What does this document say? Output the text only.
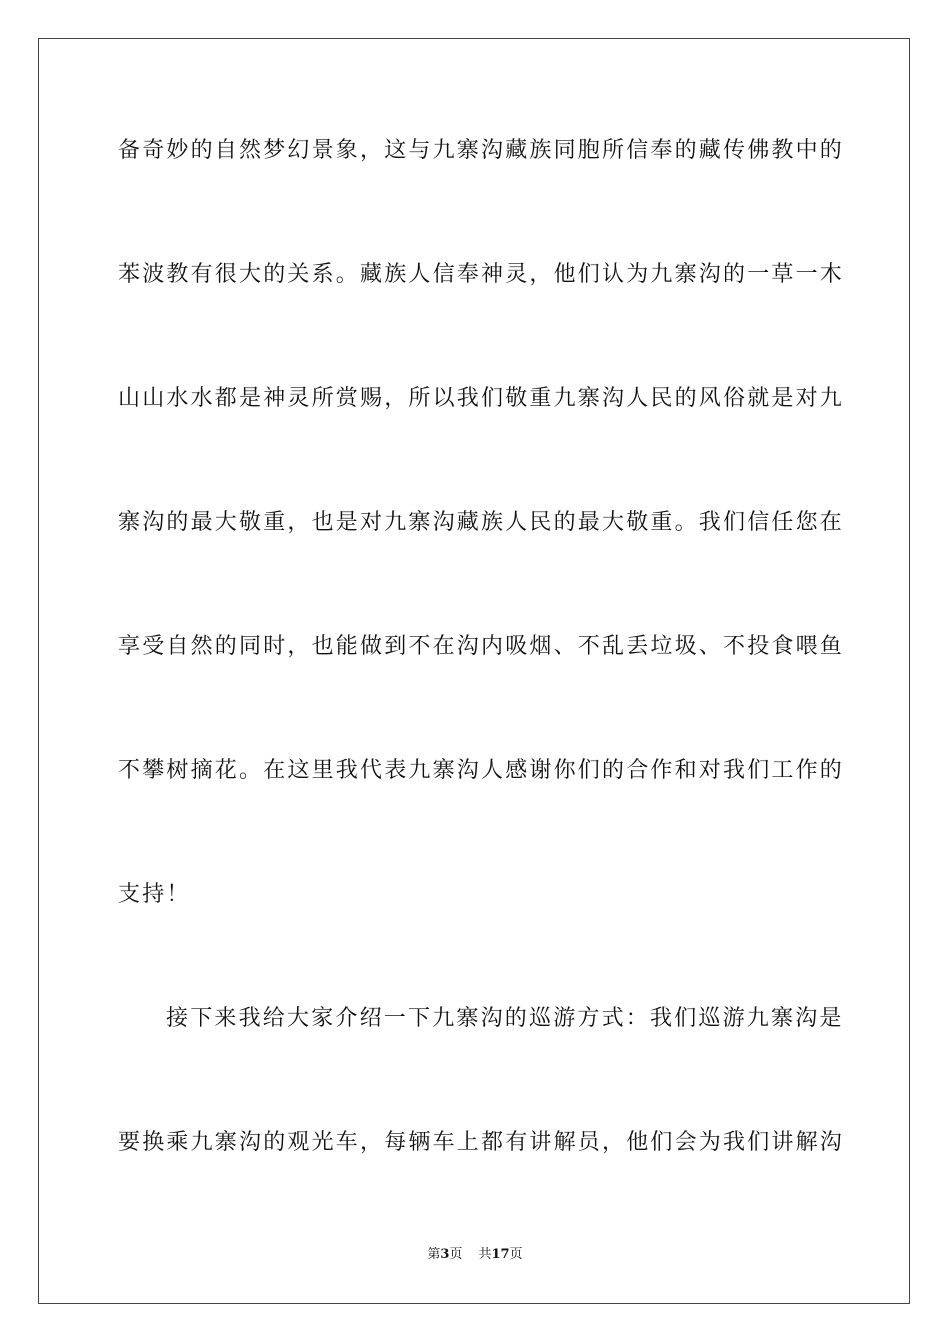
备奇妙的自然梦幻景象，这与九寨沟藏族同胞所信奉的藏传佛教中的

苯波教有很大的关系。藏族人信奉神灵，他们认为九寨沟的一草一木

山山水水都是神灵所赏赐，所以我们敬重九寨沟人民的风俗就是对九

寨沟的最大敬重，也是对九寨沟藏族人民的最大敬重。我们信任您在

享受自然的同时，也能做到不在沟内吸烟、不乱丢垃圾、不投食喂鱼

不攀树摘花。在这里我代表九寨沟人感谢你们的合作和对我们工作的

支持！

接下来我给大家介绍一下九寨沟的巡游方式：我们巡游九寨沟是

要换乘九寨沟的观光车，每辆车上都有讲解员，他们会为我们讲解沟

第3页 共17页
